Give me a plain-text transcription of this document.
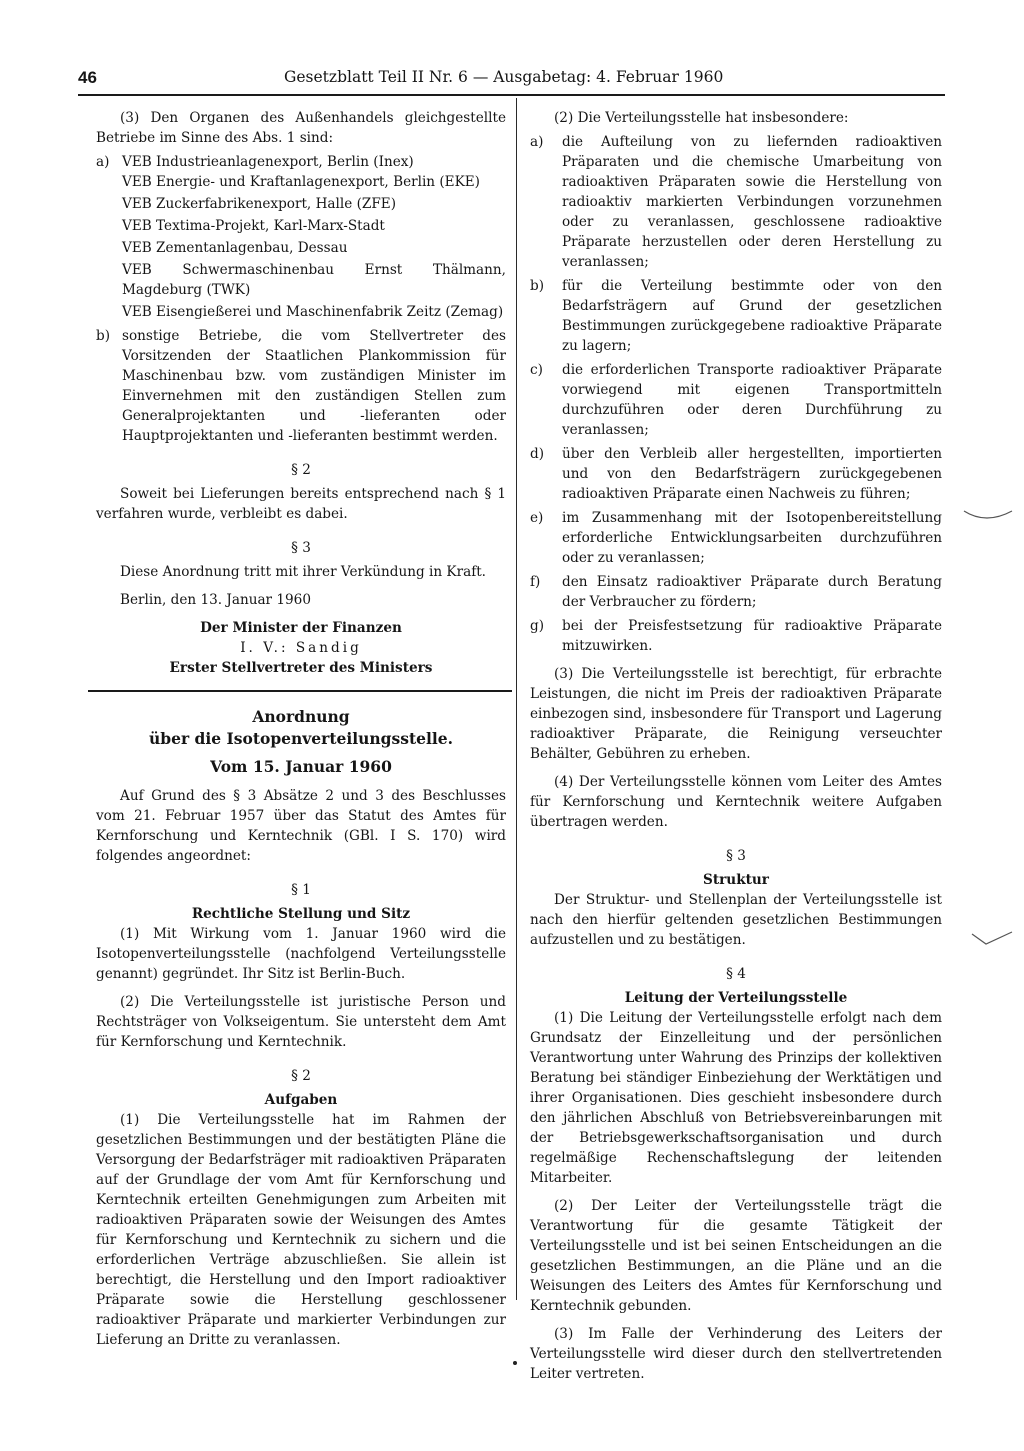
46	Gesetzblatt Teil II Nr. 6 — Ausgabetag: 4. Februar 1960

(3) Den Organen des Außenhandels gleichgestellte Betriebe im Sinne des Abs. 1 sind:

a) VEB Industrieanlagenexport, Berlin (Inex)

VEB Energie- und Kraftanlagenexport, Berlin (EKE)

VEB Zuckerfabrikenexport, Halle (ZFE)

VEB Textima-Projekt, Karl-Marx-Stadt

VEB Zementanlagenbau, Dessau

VEB Schwermaschinenbau Ernst Thälmann, Magdeburg (TWK)

VEB Eisengießerei und Maschinenfabrik Zeitz (Zemag)

b) sonstige Betriebe, die vom Stellvertreter des Vorsitzenden der Staatlichen Plankommission für Maschinenbau bzw. vom zuständigen Minister im Einvernehmen mit den zuständigen Stellen zum Generalprojektanten und -lieferanten oder Hauptprojektanten und -lieferanten bestimmt werden.

§ 2

Soweit bei Lieferungen bereits entsprechend nach § 1 verfahren wurde, verbleibt es dabei.

§ 3

Diese Anordnung tritt mit ihrer Verkündung in Kraft.

Berlin, den 13. Januar 1960

Der Minister der Finanzen

I. V.: Sandig

Erster Stellvertreter des Ministers

Anordnung

über die Isotopenverteilungsstelle.

Vom 15. Januar 1960

Auf Grund des § 3 Absätze 2 und 3 des Beschlusses vom 21. Februar 1957 über das Statut des Amtes für Kernforschung und Kerntechnik (GBl. I S. 170) wird folgendes angeordnet:

§ 1

Rechtliche Stellung und Sitz

(1) Mit Wirkung vom 1. Januar 1960 wird die Isotopenverteilungsstelle (nachfolgend Verteilungsstelle genannt) gegründet. Ihr Sitz ist Berlin-Buch.

(2) Die Verteilungsstelle ist juristische Person und Rechtsträger von Volkseigentum. Sie untersteht dem Amt für Kernforschung und Kerntechnik.

§ 2

Aufgaben

(1) Die Verteilungsstelle hat im Rahmen der gesetzlichen Bestimmungen und der bestätigten Pläne die Versorgung der Bedarfsträger mit radioaktiven Präparaten auf der Grundlage der vom Amt für Kernforschung und Kerntechnik erteilten Genehmigungen zum Arbeiten mit radioaktiven Präparaten sowie der Weisungen des Amtes für Kernforschung und Kerntechnik zu sichern und die erforderlichen Verträge abzuschließen. Sie allein ist berechtigt, die Herstellung und den Import radioaktiver Präparate sowie die Herstellung geschlossener radioaktiver Präparate und markierter Verbindungen zur Lieferung an Dritte zu veranlassen.

(2) Die Verteilungsstelle hat insbesondere:

a)	die Aufteilung von zu liefernden radioaktiven Präparaten und die chemische Umarbeitung von radioaktiven Präparaten sowie die Herstellung von radioaktiv markierten Verbindungen vorzunehmen oder zu veranlassen, geschlossene radioaktive Präparate herzustellen oder deren Herstellung zu veranlassen;
b)	für die Verteilung bestimmte oder von den Bedarfsträgern auf Grund der gesetzlichen Bestimmungen zurückgegebene radioaktive Präparate zu lagern;
c)	die erforderlichen Transporte radioaktiver Präparate vorwiegend mit eigenen Transportmitteln durchzuführen oder deren Durchführung zu veranlassen;
d)	über den Verbleib aller hergestellten, importierten und von den Bedarfsträgern zurückgegebenen radioaktiven Präparate einen Nachweis zu führen;
e)	im Zusammenhang mit der Isotopenbereitstellung erforderliche Entwicklungsarbeiten durchzuführen oder zu veranlassen;
f)	den Einsatz radioaktiver Präparate durch Beratung der Verbraucher zu fördern;
g)	bei der Preisfestsetzung für radioaktive Präparate mitzuwirken.

(3) Die Verteilungsstelle ist berechtigt, für erbrachte Leistungen, die nicht im Preis der radioaktiven Präparate einbezogen sind, insbesondere für Transport und Lagerung radioaktiver Präparate, die Reinigung verseuchter Behälter, Gebühren zu erheben.

(4) Der Verteilungsstelle können vom Leiter des Amtes für Kernforschung und Kerntechnik weitere Aufgaben übertragen werden.

§ 3

Struktur

Der Struktur- und Stellenplan der Verteilungsstelle ist nach den hierfür geltenden gesetzlichen Bestimmungen aufzustellen und zu bestätigen.

§ 4

Leitung der Verteilungsstelle

(1) Die Leitung der Verteilungsstelle erfolgt nach dem Grundsatz der Einzelleitung und der persönlichen Verantwortung unter Wahrung des Prinzips der kollektiven Beratung bei ständiger Einbeziehung der Werktätigen und ihrer Organisationen. Dies geschieht insbesondere durch den jährlichen Abschluß von Betriebsvereinbarungen mit der Betriebsgewerkschaftsorganisation und durch regelmäßige Rechenschaftslegung der leitenden Mitarbeiter.

(2) Der Leiter der Verteilungsstelle trägt die Verantwortung für die gesamte Tätigkeit der Verteilungsstelle und ist bei seinen Entscheidungen an die gesetzlichen Bestimmungen, an die Pläne und an die Weisungen des Leiters des Amtes für Kernforschung und Kerntechnik gebunden.

(3) Im Falle der Verhinderung des Leiters der Verteilungsstelle wird dieser durch den stellvertretenden Leiter vertreten.
